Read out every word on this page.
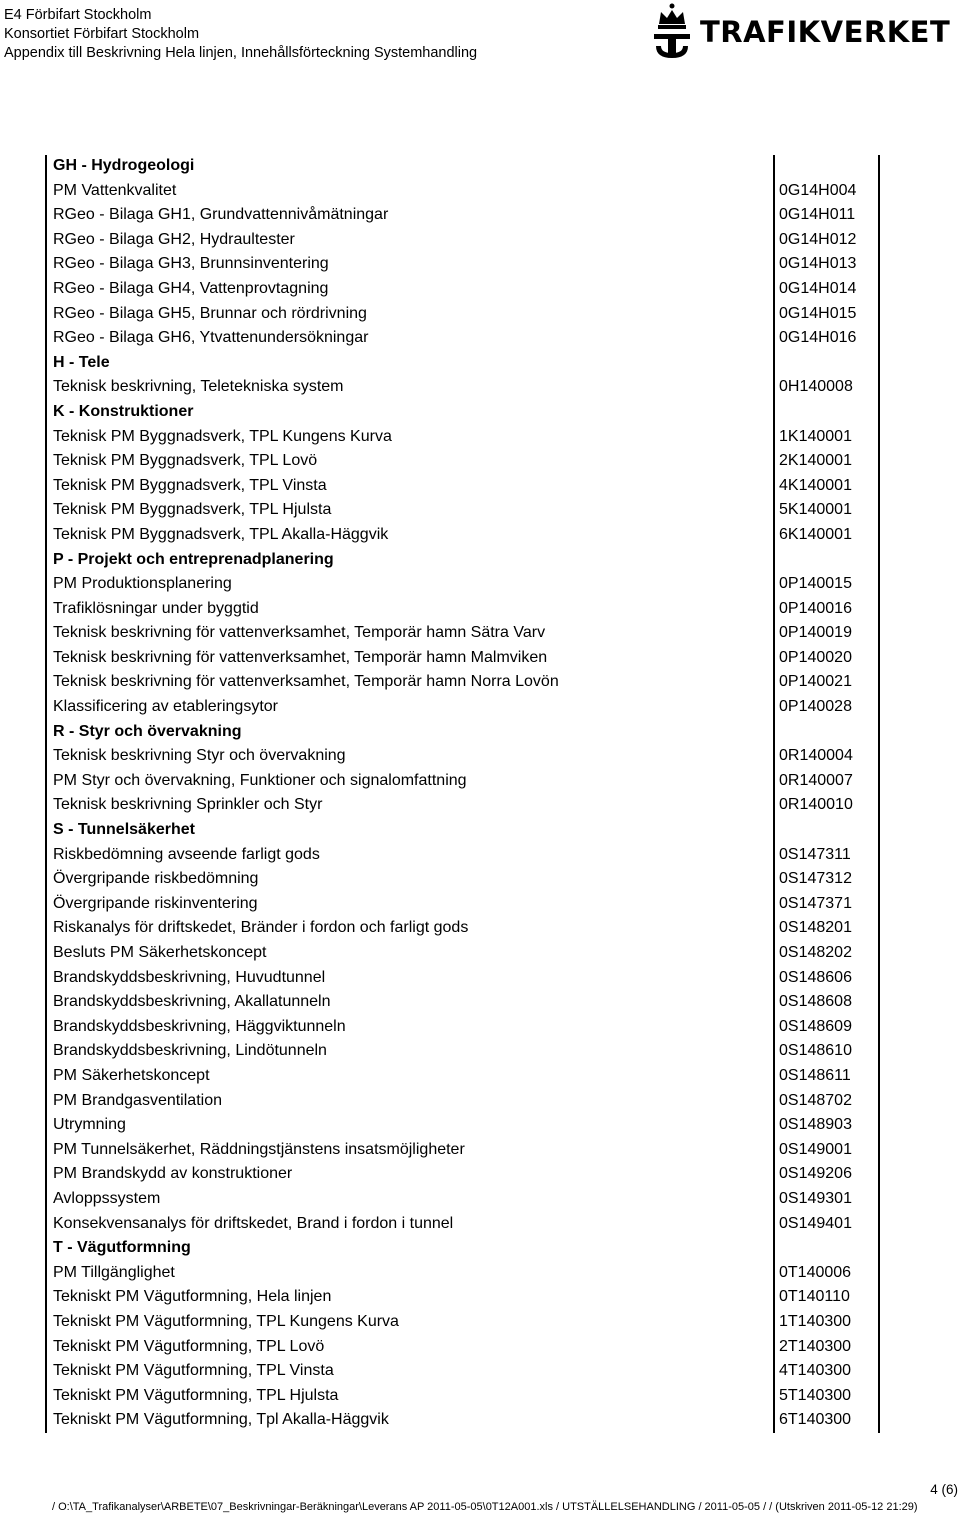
E4 Förbifart Stockholm
Konsortiet Förbifart Stockholm
Appendix till Beskrivning Hela linjen, Innehållsförteckning Systemhandling
TRAFIKVERKET
GH - Hydrogeologi
PM Vattenkvalitet	0G14H004
RGeo - Bilaga GH1, Grundvattennivåmätningar	0G14H011
RGeo - Bilaga GH2, Hydraultester	0G14H012
RGeo - Bilaga GH3, Brunnsinventering	0G14H013
RGeo - Bilaga GH4, Vattenprovtagning	0G14H014
RGeo - Bilaga GH5, Brunnar och rördrivning	0G14H015
RGeo - Bilaga GH6, Ytvattenundersökningar	0G14H016
H - Tele
Teknisk beskrivning, Teletekniska system	0H140008
K - Konstruktioner
Teknisk PM Byggnadsverk, TPL Kungens Kurva	1K140001
Teknisk PM Byggnadsverk, TPL Lovö	2K140001
Teknisk PM Byggnadsverk, TPL Vinsta	4K140001
Teknisk PM Byggnadsverk, TPL Hjulsta	5K140001
Teknisk PM Byggnadsverk, TPL Akalla-Häggvik	6K140001
P - Projekt och entreprenadplanering
PM Produktionsplanering	0P140015
Trafiklösningar under byggtid	0P140016
Teknisk beskrivning för vattenverksamhet, Temporär hamn Sätra Varv	0P140019
Teknisk beskrivning för vattenverksamhet, Temporär hamn Malmviken	0P140020
Teknisk beskrivning för vattenverksamhet, Temporär hamn Norra Lovön	0P140021
Klassificering av etableringsytor	0P140028
R - Styr och övervakning
Teknisk beskrivning Styr och övervakning	0R140004
PM Styr och övervakning, Funktioner och signalomfattning	0R140007
Teknisk beskrivning Sprinkler och Styr	0R140010
S - Tunnelsäkerhet
Riskbedömning avseende farligt gods	0S147311
Övergripande riskbedömning	0S147312
Övergripande riskinventering	0S147371
Riskanalys för driftskedet, Bränder i fordon och farligt gods	0S148201
Besluts PM Säkerhetskoncept	0S148202
Brandskyddsbeskrivning, Huvudtunnel	0S148606
Brandskyddsbeskrivning, Akallatunneln	0S148608
Brandskyddsbeskrivning, Häggviktunneln	0S148609
Brandskyddsbeskrivning, Lindötunneln	0S148610
PM Säkerhetskoncept	0S148611
PM Brandgasventilation	0S148702
Utrymning	0S148903
PM Tunnelsäkerhet, Räddningstjänstens insatsmöjligheter	0S149001
PM Brandskydd av konstruktioner	0S149206
Avloppssystem	0S149301
Konsekvensanalys för driftskedet, Brand i fordon i tunnel	0S149401
T - Vägutformning
PM Tillgänglighet	0T140006
Tekniskt PM Vägutformning, Hela linjen	0T140110
Tekniskt PM Vägutformning, TPL Kungens Kurva	1T140300
Tekniskt PM Vägutformning, TPL Lovö	2T140300
Tekniskt PM Vägutformning, TPL Vinsta	4T140300
Tekniskt PM Vägutformning, TPL Hjulsta	5T140300
Tekniskt PM Vägutformning, Tpl Akalla-Häggvik	6T140300
4 (6)
/ O:\TA_Trafikanalyser\ARBETE\07_Beskrivningar-Beräkningar\Leverans AP 2011-05-05\0T12A001.xls / UTSTÄLLELSEHANDLING / 2011-05-05 / / (Utskriven 2011-05-12 21:29)
